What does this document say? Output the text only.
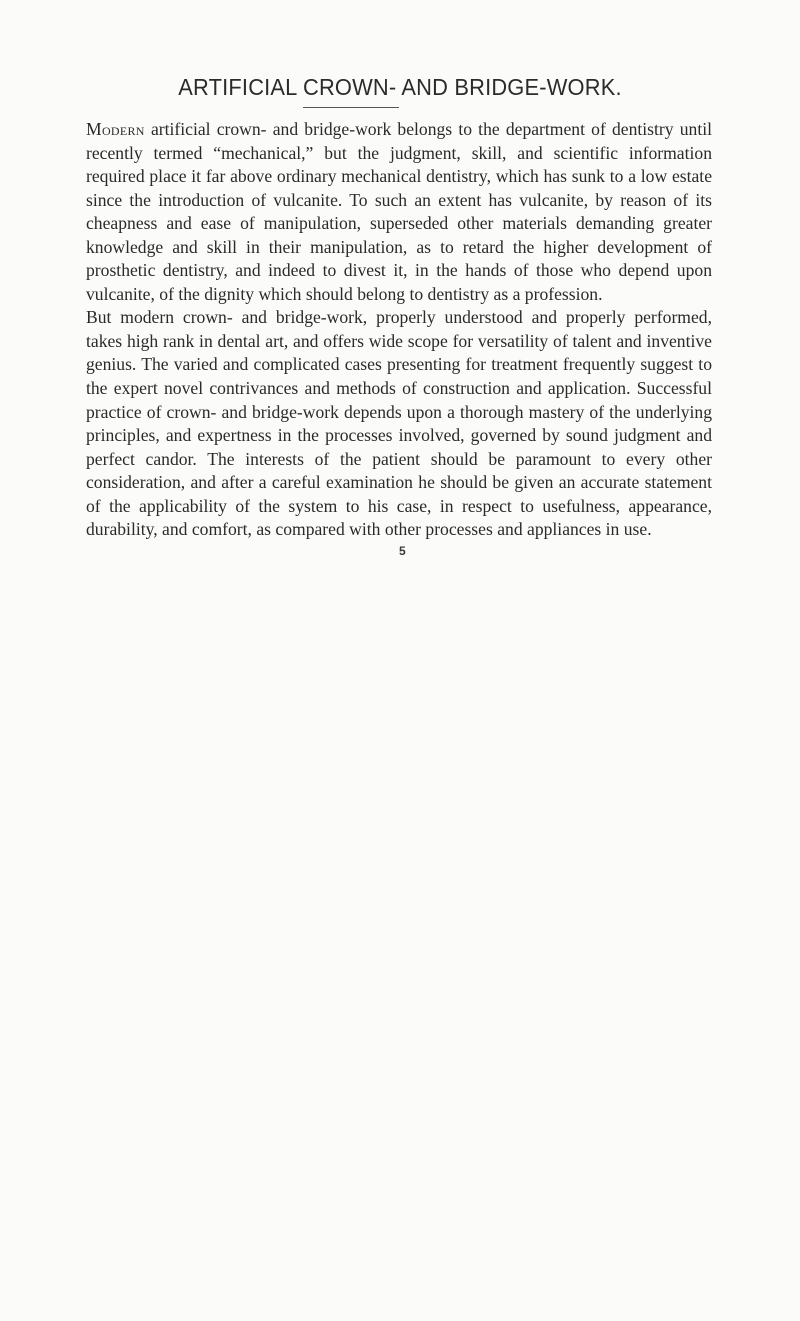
ARTIFICIAL CROWN- AND BRIDGE-WORK.

Modern artificial crown- and bridge-work belongs to the department of dentistry until recently termed “mechanical,” but the judgment, skill, and scientific information required place it far above ordinary mechanical dentistry, which has sunk to a low estate since the introduction of vulcanite. To such an extent has vulcanite, by reason of its cheapness and ease of manipulation, superseded other materials demanding greater knowledge and skill in their manipulation, as to retard the higher development of prosthetic dentistry, and indeed to divest it, in the hands of those who depend upon vulcanite, of the dignity which should belong to dentistry as a profession.

But modern crown- and bridge-work, properly understood and properly performed, takes high rank in dental art, and offers wide scope for versatility of talent and inventive genius. The varied and complicated cases presenting for treatment frequently suggest to the expert novel contrivances and methods of construction and application. Successful practice of crown- and bridge-work depends upon a thorough mastery of the underlying principles, and expertness in the processes involved, governed by sound judgment and perfect candor. The interests of the patient should be paramount to every other consideration, and after a careful examination he should be given an accurate statement of the applicability of the system to his case, in respect to usefulness, appearance, durability, and comfort, as compared with other processes and appliances in use.

5
